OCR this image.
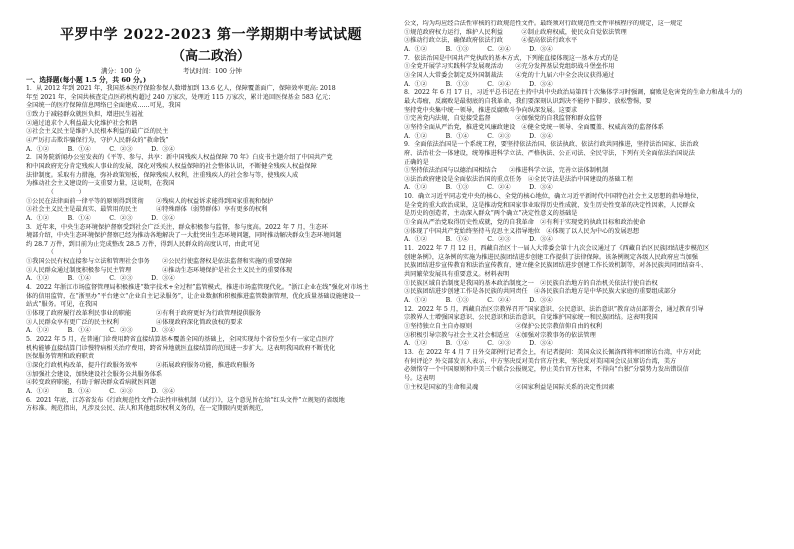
平罗中学 2022-2023 第一学期期中考试试题

（高二政治）

满分：100 分	考试时间：100 分钟
一、选择题(每小题 1.5 分，共 60 分。)

1．从 2012 年到 2021 年，我国基本医疗保险参保人数增加到 13.6 亿人，保障覆盖面广，保障效率更高: 2018

年至 2021 年，全国共核查定点医药机构超过 240 万家次，处理近 115 万家次，累计追回医保基金 583 亿元；

全国统一的医疗保障信息网络已全面建成……可见，我国

①致力于减轻群众就医负担，增进民生福祉

②通过追求个人利益最大化维护社会和谐

③社会主义民主是维护人民根本利益的最广泛的民主

④严厉打击欺诈骗保行为，守护人民群众的“救命钱”

A．①②　　　B．①④　　　C．②③　　　D．③④

2．国务院新闻办公室发表的《平等、参与、共享：新中国残疾人权益保障 70 年》白皮书主题介绍了中国共产党

和中国政府充分肯定残疾人事业的发展，深化对残疾人权益保障的社会整体认识，不断健全残疾人权益保障

法律制度。采取有力措施，弥补政策短板，保障残疾人权利，注重残疾人的社会参与等，使残疾人成

为推动社会主义建设的一支重要力量，这说明，在我国

　　　　（　　　　）

①公民在法律面前一律平等的原则得到贯彻　　②残疾人的权益诉求能得到国家重视和保护

③社会主义民主是最真实、最管用的民主　　　④特殊群体（弱势群体）享有更多的权利

A．①②　　　B．①④　　　C．②③　　　D．③④

3．近年来，中央生态环境保护督察受到社会广泛关注，群众积极参与监督，参与度高。2022 年 7 月，生态环

境部介绍，中央生态环境保护督察已经为推动各地解决了一大批突出生态环境问题，同时推动解决群众生态环境问题

约 28.7 万件，到目前为止完成整改 28.5 万件，得到人民群众的高度认可，由此可见

　　　　（　　　　）

①我国公民有权直接参与立法和管理社会事务　　②公民行使监督权是依法监督和实施的重要保障

③人民群众通过制度积极参与民主管理　　　　　④推动生态环境保护是社会主义民主的重要体现

A．①②　　　B．①④　　　C．②③　　　D．③④

4．2022 年浙江市场监督管理局积极推进“数字技术+全过程”监管模式，推进市场监管现代化。“浙江企业在线”强化对市场主

体的信用监管，在“浙里办”平台建立“企业自主记录服务”，让企业数据和积极推进监管数据管理，优化质量基础设施建设一

站式”服务。可见，在我国

①体现了政府履行改革利民事业的职能　　　　②有利于政府更好为行政管理提供服务

③人民群众享有更广泛的民主权利　　　　　　④体现政府深化简政放权的要求

A．①②　　　B．①④　　　C．②③　　　D．③④

5．2022 年 5 月，在普通门诊费用跨省直接结算基本覆盖全国的基础上，全国实现每个省份至少有一家定点医疗

机构能够直接结算门诊慢特病相关治疗费用，跨省异地就医直接结算的范围进一步扩大。这表明我国政府不断优化

医保服务管理和政府职责

①深化行政机构改革，提升行政服务效率　　　②拓展政府服务功能，推进政府服务

③加强社会建设，加快建设社会服务公共服务体系

④转变政府职能，有助于解决群众看病就医问题

A．①②　　　B．①④　　　C．②③　　　D．③④

6．2021 年底，江苏省发布《行政规范性文件合法性审核机制（试行）》，这个意见旨在给“红头文件”立规矩的省级地

方标准。规范指出，凡涉及公民、法人和其他组织权利义务的，在一定期限内更新规范，

公文，均为均应经合法性审核的行政规范性文件。最终须对行政规范性文件审核程序的规定，这一规定

①规范政府权力运行，维护人民利益　　　②制止政府权威，使民众自觉依法管理

③推动行政立法，确保政府依法行政　　　④提高依法行政水平

A．①②　　　B．①③　　　C．②④　　　D．③④

7．依法治国是中国共产党执政的基本方式，下列能直接体现这一基本方式的是

①全党开展学习实践科学发展观活动　　②充分发挥基层党组织战斗堡垒作用

③全国人大常委会制定反外国制裁法　　④党的十九届六中全会决议获得通过

A．①②　　　B．①③　　　C．②④　　　D．③④

8．2022 年 6 月 17 日，习近平总书记在主持中共中央政治局第四十次集体学习时强调，腐败是危害党的生命力和战斗力的

最大毒瘤，反腐败是最彻底的自我革命，我们要深刻认识到决不能停下脚步、放松警惕，要

坚持党中央集中统一领导，推进反腐败斗争向纵深发展。这要求

①完善党内法规，自觉接受监督　　　　②加强党的自我监督和群众监督

③坚持全面从严治党，推进党风廉政建设　④健全党统一领导、全面覆盖、权威高效的监督体系

A．①②　　　B．①④　　　C．②③　　　D．③④

9．全面依法治国是一个系统工程，要坚持依法治国、依法执政、依法行政共同推进，坚持法治国家、法治政

府、法治社会一体建设，统筹推进科学立法、严格执法、公正司法、全民守法，下列有关全面依法治国说法

正确的是

①坚持依法治国与以德治国相结合　　②推进科学立法，完善立法体制机制

③法治政府建设是全面依法治国的重点任务　④全民守法是法治中国建设的基础工程

A．①②　　　B．①③　　　C．②④　　　D．③④

10．确立习近平同志党中央的核心、全党的核心地位，确立习近平新时代中国特色社会主义思想的指导地位，

是全党的重大政治成果，这是推动党和国家事业取得历史性成就、发生历史性变革的决定性因素，人民群众

是历史的创造者，主动深入群众“两个确立”决定性意义的基础是

①全面从严治党取得历史性成就，党的自我革命　②有利于实现党的执政目标和政治使命

③体现了中国共产党始终坚持马克思主义指导地位　④体现了以人民为中心的发展思想

A．①②　　　B．①④　　　C．②③　　　D．③④

11．2022 年 7 月 12 日，西藏自治区十一届人大常委会第十九次会议通过了《西藏自治区民族团结进步模范区

创建条例》，这条例的实施为推进民族团结进步创建工作提供了法律保障。该条例规定各级人民政府应当加强

民族团结进步宣传教育和法治宣传教育，建立健全民族团结进步创建工作长效机制等，对各民族共同团结奋斗、

共同繁荣发展具有重要意义。材料表明

①民族区域自治制度是我国的基本政治制度之一　②民族自治地方的自治机关依法行使自治权

③民族团结进步创建工作是各民族的共同责任　④各民族自治地方是中华民族大家庭的重要组成部分

A．①②　　　B．①③　　　C．②④　　　D．③④

12．2022 年 5 月，西藏自治区宗教界召开“国家意识、公民意识、法治意识”教育动员部署会，通过教育引导

宗教界人士增强国家意识、公民意识和法治意识，自觉维护国家统一和民族团结。这表明我国

①坚持独立自主自办原则　　　　　　　②保护公民宗教信仰自由的权利

③积极引导宗教与社会主义社会相适应　④加强对宗教事务的依法管理

A．①②　　　B．①④　　　C．②③　　　D．③④

13．在 2022 年 4 月 7 日外交部例行记者会上，有记者提问：美国众议长佩洛西将率团窜访台湾，中方对此

有何评论？外交部发言人表示，中方坚决反对美台官方往来，坚决反对美国国会议员窜访台湾，美方

必须恪守一个中国原则和中美三个联合公报规定，停止美台官方往来，不得向“台独”分裂势力发出错误信

号。这表明

①主权是国家的生命和灵魂　　　　　　②国家利益是国际关系的决定性因素
